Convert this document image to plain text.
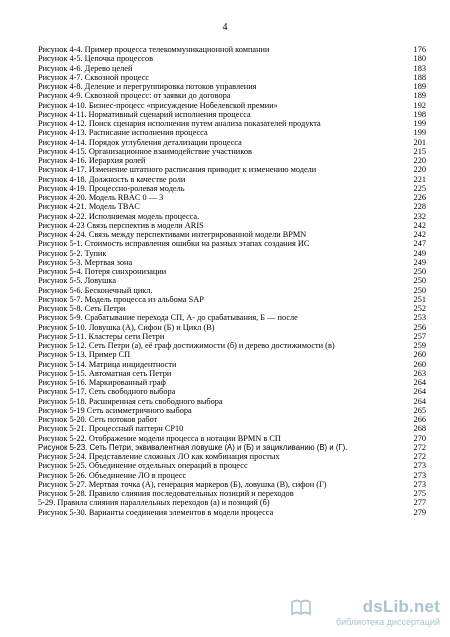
4
Рисунок 4-4. Пример процесса телекоммуникационной компании	176
Рисунок 4-5. Цепочка процессов	180
Рисунок 4-6. Дерево целей	183
Рисунок 4-7. Сквозной процесс	188
Рисунок 4-8. Деление и перегруппировка потоков управления	189
Рисунок 4-9. Сквозной процесс: от заявки до договора	189
Рисунок 4-10. Бизнес-процесс «присуждение Нобелевской премии»	192
Рисунок 4-11. Нормативный сценарий исполнения процесса	198
Рисунок 4-12. Поиск сценария исполнения путем анализа показателей продукта	199
Рисунок 4-13. Расписание исполнения процесса	199
Рисунок 4-14. Порядок углубления детализации процесса	201
Рисунок 4-15. Организационное взаимодействие участников	215
Рисунок 4-16. Иерархия ролей	220
Рисунок 4-17. Изменение штатного расписания приводит к изменению модели	220
Рисунок 4-18. Должность в качестве роли	221
Рисунок 4-19. Процессно-ролевая модель	225
Рисунок 4-20. Модель RBAC 0 — 3	226
Рисунок 4-21. Модель TBAC	228
Рисунок 4-22. Исполняемая модель процесса.	232
Рисунок 4-23 Связь перспектив в модели ARIS	242
Рисунок 4-24. Связь между перспективами интегрированной модели BPMN	242
Рисунок 5-1. Стоимость исправления ошибки на разных этапах создания ИС	247
Рисунок 5-2. Тупик	249
Рисунок 5-3. Мертвая зона	249
Рисунок 5-4. Потеря синхронизации	250
Рисунок 5-5. Ловушка	250
Рисунок 5-6. Бесконечный цикл.	250
Рисунок 5-7. Модель процесса из альбома SAP	251
Рисунок 5-8. Сеть Петри	252
Рисунок 5-9. Срабатывание перехода СП, А- до срабатывания, Б — после	253
Рисунок 5-10. Ловушка (А), Сифон (Б) и Цикл (В)	256
Рисунок 5-11. Кластеры сети Петри	257
Рисунок 5-12. Сеть Петри (а), её граф достижимости (б) и дерево достижимости (в)	259
Рисунок 5-13. Пример СП	260
Рисунок 5-14. Матрица инцидентности	260
Рисунок 5-15. Автоматная сеть Петри	263
Рисунок 5-16. Маркированный граф	264
Рисунок 5-17. Сеть свободного выбора	264
Рисунок 5-18. Расширенная сеть свободного выбора	264
Рисунок 5-19 Сеть асимметричного выбора	265
Рисунок 5-20. Сеть потоков работ	266
Рисунок 5-21. Процессный паттерн СР10	268
Рисунок 5-22. Отображение модели процесса в нотации BPMN в СП	270
Рисунок 5-23. Сеть Петри, эквивалентная ловушке (А) и (Б) и зацикливанию (В) и (Г).	272
Рисунок 5-24. Представление сложных ЛО как комбинация простых	272
Рисунок 5-25. Объединение отдельных операций в процесс	273
Рисунок 5-26. Объединение ЛО в процесс	273
Рисунок 5-27. Мертвая точка (А), генерация маркеров (Б), ловушка (В), сифон (Г)	273
Рисунок 5-28. Правило слияния последовательных позиций и переходов	275
5-29. Правила слияния параллельных переходов (а) и позиций (б)	277
Рисунок 5-30. Варианты соединения элементов в модели процесса	279
dsLib.net
библиотека диссертаций
